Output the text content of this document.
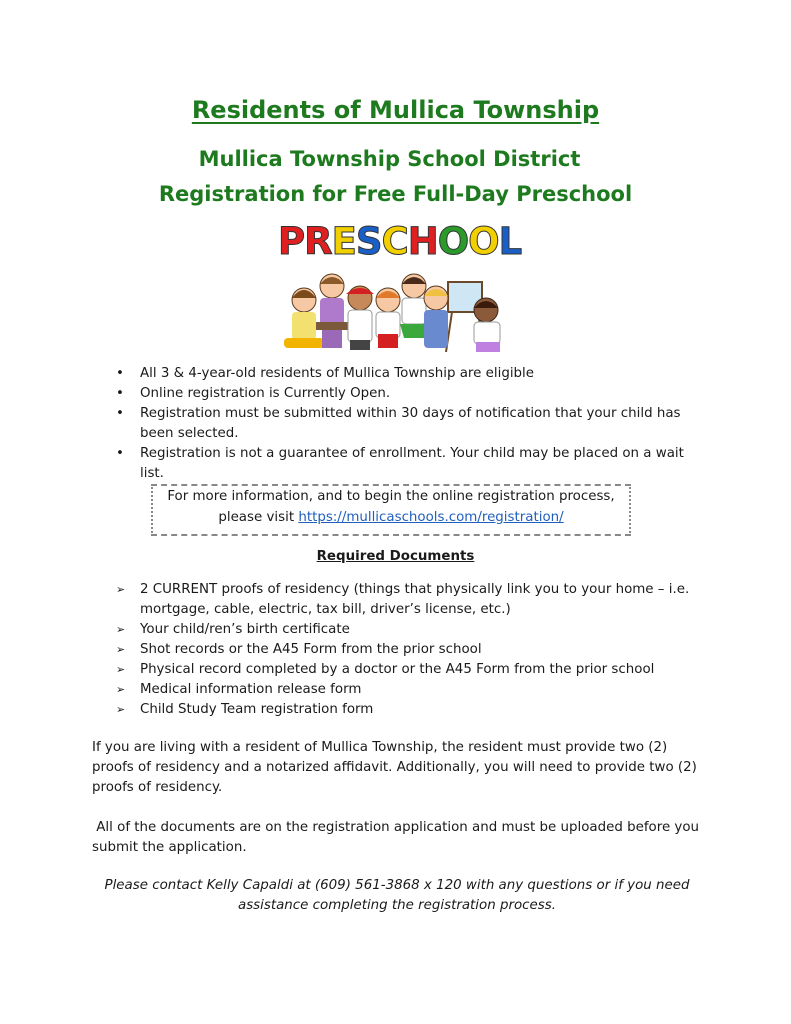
Residents of Mullica Township
Mullica Township School District
Registration for Free Full-Day Preschool
P R E S C H O O L
• All 3 & 4-year-old residents of Mullica Township are eligible
• Online registration is Currently Open.
• Registration must be submitted within 30 days of notification that your child has been selected.
• Registration is not a guarantee of enrollment. Your child may be placed on a wait list.
For more information, and to begin the online registration process,
please visit https://mullicaschools.com/registration/
Required Documents
➢ 2 CURRENT proofs of residency (things that physically link you to your home – i.e. mortgage, cable, electric, tax bill, driver’s license, etc.)
➢ Your child/ren’s birth certificate
➢ Shot records or the A45 Form from the prior school
➢ Physical record completed by a doctor or the A45 Form from the prior school
➢ Medical information release form
➢ Child Study Team registration form
If you are living with a resident of Mullica Township, the resident must provide two (2) proofs of residency and a notarized affidavit. Additionally, you will need to provide two (2) proofs of residency.
All of the documents are on the registration application and must be uploaded before you submit the application.
Please contact Kelly Capaldi at (609) 561-3868 x 120 with any questions or if you need assistance completing the registration process.
